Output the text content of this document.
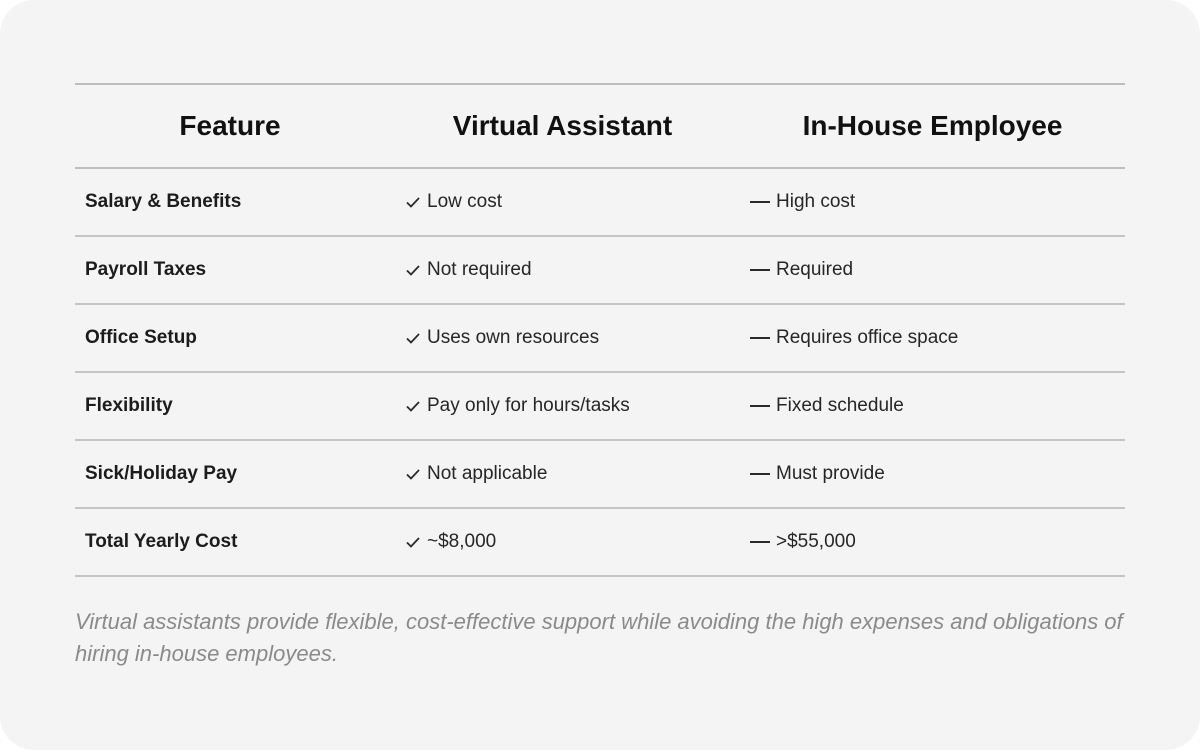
Feature	Virtual Assistant	In-House Employee
Salary & Benefits	Low cost	High cost
Payroll Taxes	Not required	Required
Office Setup	Uses own resources	Requires office space
Flexibility	Pay only for hours/tasks	Fixed schedule
Sick/Holiday Pay	Not applicable	Must provide
Total Yearly Cost	~$8,000	>$55,000
Virtual assistants provide flexible, cost-effective support while avoiding the high expenses and obligations of hiring in-house employees.
